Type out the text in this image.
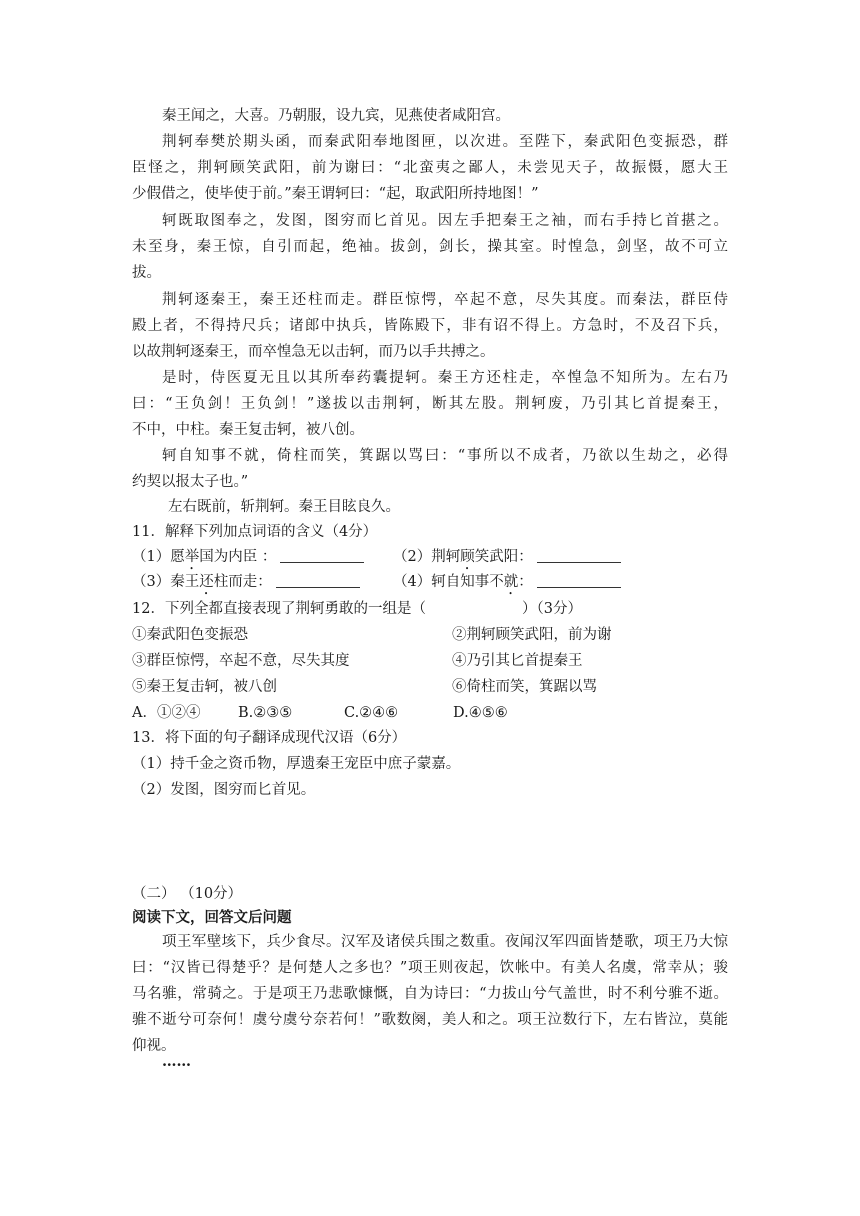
秦王闻之，大喜。乃朝服，设九宾，见燕使者咸阳宫。
荆轲奉樊於期头函，而秦武阳奉地图匣，以次进。至陛下，秦武阳色变振恐，群
臣怪之，荆轲顾笑武阳，前为谢曰：“北蛮夷之鄙人，未尝见天子，故振慑，愿大王
少假借之，使毕使于前。”秦王谓轲曰：“起，取武阳所持地图！”
轲既取图奉之，发图，图穷而匕首见。因左手把秦王之袖，而右手持匕首揕之。
未至身，秦王惊，自引而起，绝袖。拔剑，剑长，操其室。时惶急，剑坚，故不可立
拔。
荆轲逐秦王，秦王还柱而走。群臣惊愕，卒起不意，尽失其度。而秦法，群臣侍
殿上者，不得持尺兵；诸郎中执兵，皆陈殿下，非有诏不得上。方急时，不及召下兵，
以故荆轲逐秦王，而卒惶急无以击轲，而乃以手共搏之。
是时，侍医夏无且以其所奉药囊提轲。秦王方还柱走，卒惶急不知所为。左右乃
曰：“王负剑！王负剑！”遂拔以击荆轲，断其左股。荆轲废，乃引其匕首提秦王，
不中，中柱。秦王复击轲，被八创。
轲自知事不就，倚柱而笑，箕踞以骂曰：“事所以不成者，乃欲以生劫之，必得
约契以报太子也。”
左右既前，斩荆轲。秦王目眩良久。
11．解释下列加点词语的含义（4分）
（1）愿举国为内臣 ：	（2）荆轲顾笑武阳：
（3）秦王还柱而走：	（4）轲自知事不就：
12．下列全都直接表现了荆轲勇敢的一组是（	）（3分）
①秦武阳色变振恐	②荆轲顾笑武阳，前为谢
③群臣惊愕，卒起不意，尽失其度	④乃引其匕首提秦王
⑤秦王复击轲，被八创	⑥倚柱而笑，箕踞以骂
A．①②④	B.②③⑤	C.②④⑥	D.④⑤⑥
13．将下面的句子翻译成现代汉语（6分）
（1）持千金之资币物，厚遗秦王宠臣中庶子蒙嘉。
（2）发图，图穷而匕首见。
（二） （10分）
阅读下文，回答文后问题
项王军壁垓下，兵少食尽。汉军及诸侯兵围之数重。夜闻汉军四面皆楚歌，项王乃大惊
曰：“汉皆已得楚乎？是何楚人之多也？”项王则夜起，饮帐中。有美人名虞，常幸从；骏
马名骓，常骑之。于是项王乃悲歌慷慨，自为诗曰：“力拔山兮气盖世，时不利兮骓不逝。
骓不逝兮可奈何！虞兮虞兮奈若何！”歌数阕，美人和之。项王泣数行下，左右皆泣，莫能
仰视。
……
